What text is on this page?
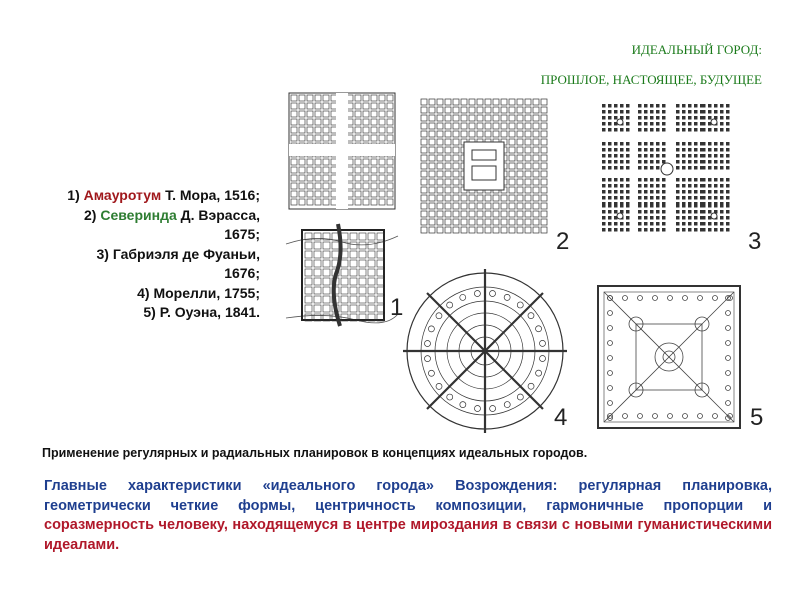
ИДЕАЛЬНЫЙ ГОРОД:
ПРОШЛОЕ, НАСТОЯЩЕЕ, БУДУЩЕЕ
1) Амауротум Т. Мора, 1516;
2) Северинда Д. Вэрасса,
1675;
3) Габриэля де Фуаньи,
1676;
4) Морелли, 1755;
5) Р. Оуэна, 1841.	1
2	3
4	5
Применение регулярных и радиальных планировок в концепциях идеальных городов.
Главные характеристики «идеального города» Возрождения: регулярная планировка, геометрически четкие формы, центричность композиции, гармоничные пропорции и соразмерность человеку, находящемуся в центре мироздания в связи с новыми гуманистическими идеалами.
